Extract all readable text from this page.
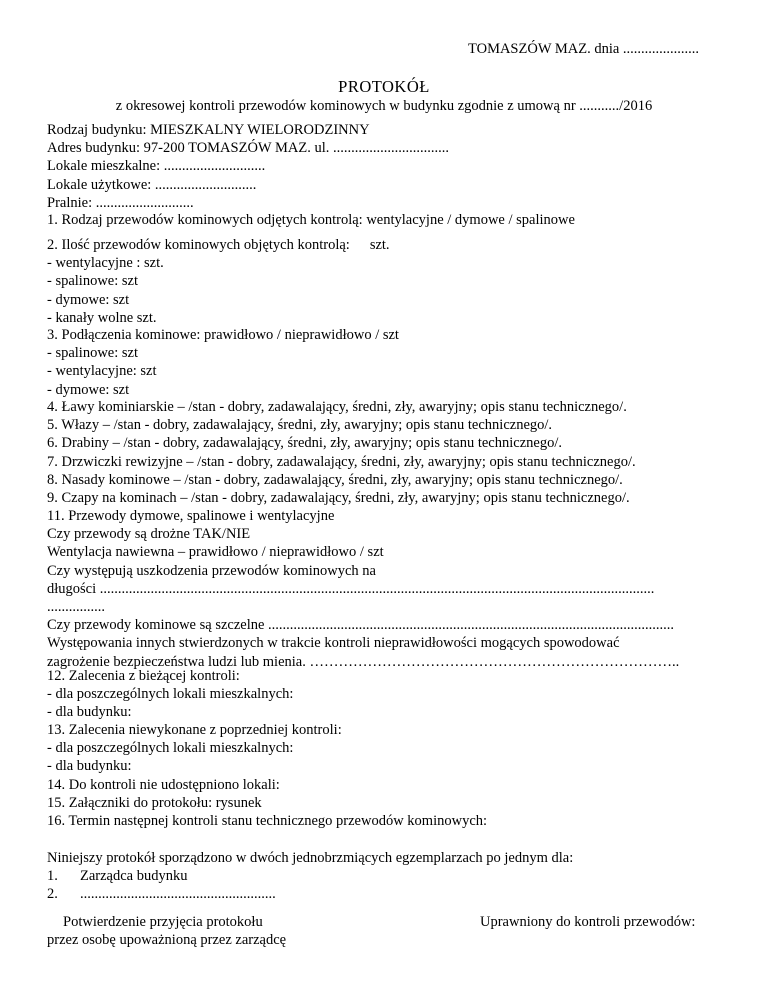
TOMASZÓW MAZ. dnia .....................
PROTOKÓŁ
z okresowej kontroli przewodów kominowych w budynku zgodnie z umową nr .........../2016
Rodzaj budynku: MIESZKALNY WIELORODZINNY
Adres budynku: 97-200 TOMASZÓW MAZ. ul. ................................
Lokale mieszkalne: ............................
Lokale użytkowe: ............................
Pralnie: ...........................
1. Rodzaj przewodów kominowych odjętych kontrolą: wentylacyjne / dymowe / spalinowe
2. Ilość przewodów kominowych objętych kontrolą: szt.
- wentylacyjne : szt.
- spalinowe: szt
- dymowe: szt
- kanały wolne szt.
3. Podłączenia kominowe: prawidłowo / nieprawidłowo / szt
- spalinowe: szt
- wentylacyjne: szt
- dymowe: szt
4. Ławy kominiarskie – /stan - dobry, zadawalający, średni, zły, awaryjny; opis stanu technicznego/.
5. Włazy – /stan - dobry, zadawalający, średni, zły, awaryjny; opis stanu technicznego/.
6. Drabiny – /stan - dobry, zadawalający, średni, zły, awaryjny; opis stanu technicznego/.
7. Drzwiczki rewizyjne – /stan - dobry, zadawalający, średni, zły, awaryjny; opis stanu technicznego/.
8. Nasady kominowe – /stan - dobry, zadawalający, średni, zły, awaryjny; opis stanu technicznego/.
9. Czapy na kominach – /stan - dobry, zadawalający, średni, zły, awaryjny; opis stanu technicznego/.
11. Przewody dymowe, spalinowe i wentylacyjne
Czy przewody są drożne TAK/NIE
Wentylacja nawiewna – prawidłowo / nieprawidłowo / szt
Czy występują uszkodzenia przewodów kominowych na
długości .........................................................................................................................................................
................
Czy przewody kominowe są szczelne ................................................................................................................
Występowania innych stwierdzonych w trakcie kontroli nieprawidłowości mogących spowodować
zagrożenie bezpieczeństwa ludzi lub mienia. …………………………………………………………………..
12. Zalecenia z bieżącej kontroli:
- dla poszczególnych lokali mieszkalnych:
- dla budynku:
13. Zalecenia niewykonane z poprzedniej kontroli:
- dla poszczególnych lokali mieszkalnych:
- dla budynku:
14. Do kontroli nie udostępniono lokali:
15. Załączniki do protokołu: rysunek
16. Termin następnej kontroli stanu technicznego przewodów kominowych:
Niniejszy protokół sporządzono w dwóch jednobrzmiących egzemplarzach po jednym dla:
1. Zarządca budynku
2. ......................................................
Potwierdzenie przyjęcia protokołu
przez osobę upoważnioną przez zarządcę
Uprawniony do kontroli przewodów:
